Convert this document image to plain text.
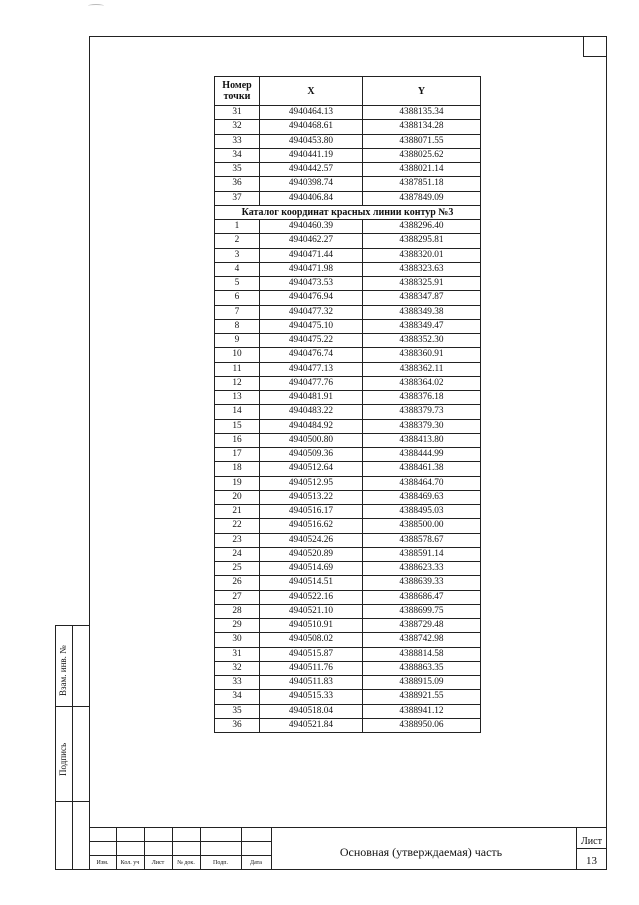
Взам. инв. №
Подпись
Номер точки	X	Y
31	4940464.13	4388135.34
32	4940468.61	4388134.28
33	4940453.80	4388071.55
34	4940441.19	4388025.62
35	4940442.57	4388021.14
36	4940398.74	4387851.18
37	4940406.84	4387849.09
Каталог координат красных линии контур №3		
1	4940460.39	4388296.40
2	4940462.27	4388295.81
3	4940471.44	4388320.01
4	4940471.98	4388323.63
5	4940473.53	4388325.91
6	4940476.94	4388347.87
7	4940477.32	4388349.38
8	4940475.10	4388349.47
9	4940475.22	4388352.30
10	4940476.74	4388360.91
11	4940477.13	4388362.11
12	4940477.76	4388364.02
13	4940481.91	4388376.18
14	4940483.22	4388379.73
15	4940484.92	4388379.30
16	4940500.80	4388413.80
17	4940509.36	4388444.99
18	4940512.64	4388461.38
19	4940512.95	4388464.70
20	4940513.22	4388469.63
21	4940516.17	4388495.03
22	4940516.62	4388500.00
23	4940524.26	4388578.67
24	4940520.89	4388591.14
25	4940514.69	4388623.33
26	4940514.51	4388639.33
27	4940522.16	4388686.47
28	4940521.10	4388699.75
29	4940510.91	4388729.48
30	4940508.02	4388742.98
31	4940515.87	4388814.58
32	4940511.76	4388863.35
33	4940511.83	4388915.09
34	4940515.33	4388921.55
35	4940518.04	4388941.12
36	4940521.84	4388950.06
Изм.	Кол. уч	Лист	№ док.	Подп.	Дата
Основная (утверждаемая) часть
Лист
13
